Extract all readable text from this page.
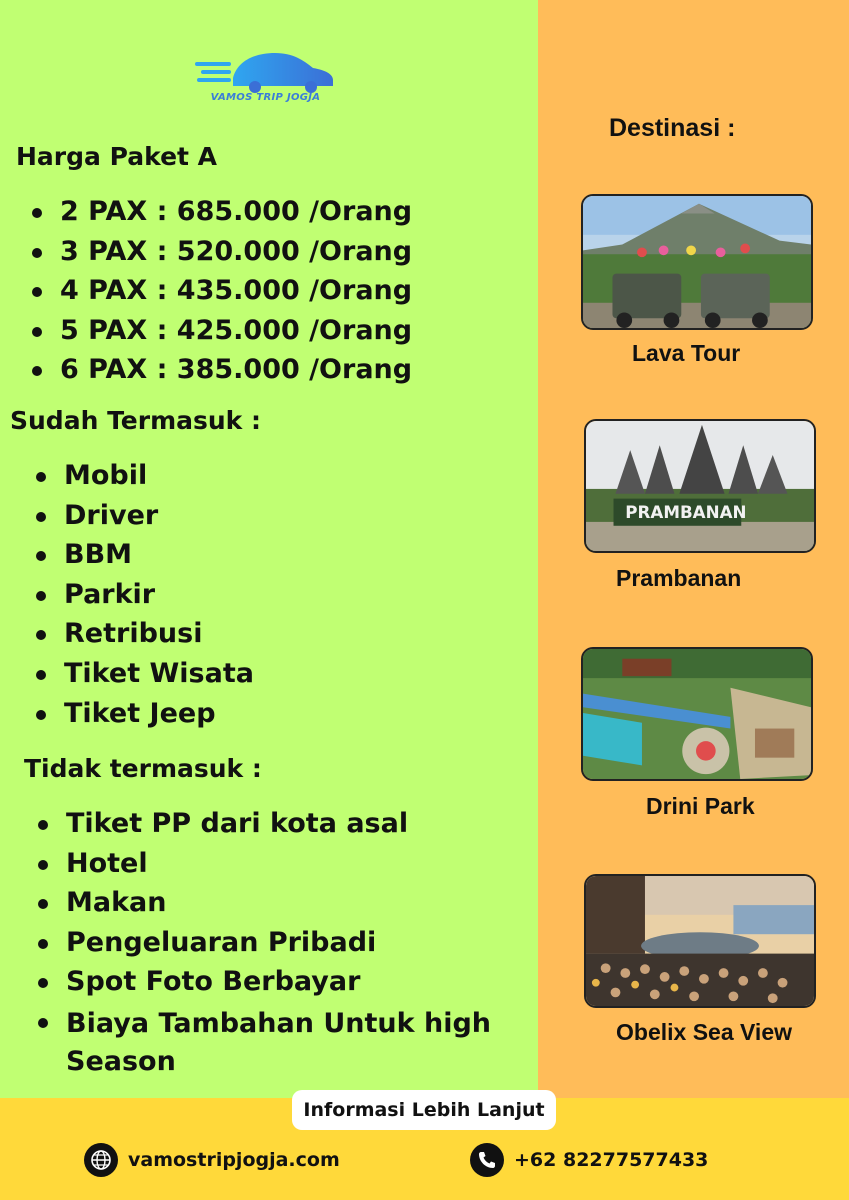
VAMOS TRIP JOGJA
Harga Paket A
2 PAX : 685.000 /Orang
3 PAX : 520.000 /Orang
4 PAX : 435.000 /Orang
5 PAX : 425.000 /Orang
6 PAX : 385.000 /Orang
Sudah Termasuk :
Mobil
Driver
BBM
Parkir
Retribusi
Tiket Wisata
Tiket Jeep
Tidak termasuk :
Tiket PP dari kota asal
Hotel
Makan
Pengeluaran Pribadi
Spot Foto Berbayar
Biaya Tambahan Untuk high Season
Destinasi :
Lava Tour
PRAMBANAN
Prambanan
Drini Park
Obelix Sea View
Informasi Lebih Lanjut
vamostripjogja.com	+62 82277577433
